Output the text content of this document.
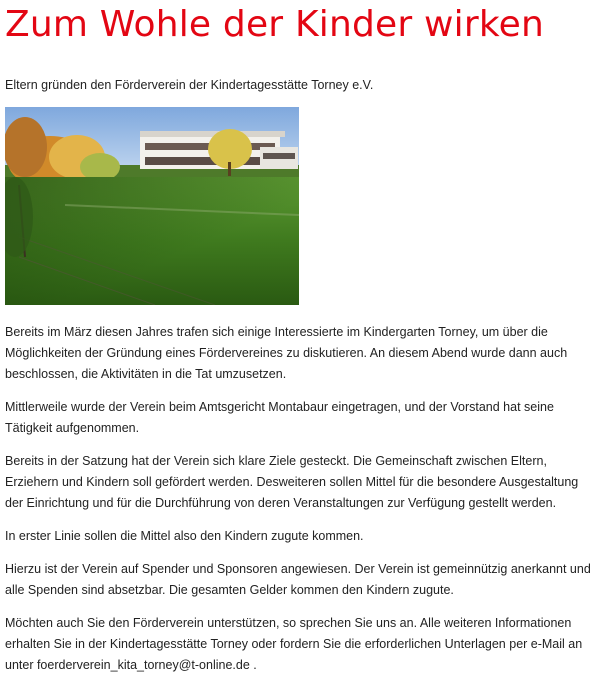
Zum Wohle der Kinder wirken

Eltern gründen den Förderverein der Kindertagesstätte Torney e.V.

Bereits im März diesen Jahres trafen sich einige Interessierte im Kindergarten Torney, um über die Möglichkeiten der Gründung eines Fördervereines zu diskutieren. An diesem Abend wurde dann auch beschlossen, die Aktivitäten in die Tat umzusetzen.

Mittlerweile wurde der Verein beim Amtsgericht Montabaur eingetragen, und der Vorstand hat seine Tätigkeit aufgenommen.

Bereits in der Satzung hat der Verein sich klare Ziele gesteckt. Die Gemeinschaft zwischen Eltern, Erziehern und Kindern soll gefördert werden. Desweiteren sollen Mittel für die besondere Ausgestaltung der Einrichtung und für die Durchführung von deren Veranstaltungen zur Verfügung gestellt werden.

In erster Linie sollen die Mittel also den Kindern zugute kommen.

Hierzu ist der Verein auf Spender und Sponsoren angewiesen. Der Verein ist gemeinnützig anerkannt und alle Spenden sind absetzbar. Die gesamten Gelder kommen den Kindern zugute.

Möchten auch Sie den Förderverein unterstützen, so sprechen Sie uns an. Alle weiteren Informationen erhalten Sie in der Kindertagesstätte Torney oder fordern Sie die erforderlichen Unterlagen per e-Mail an unter foerderverein_kita_torney@t-online.de .
